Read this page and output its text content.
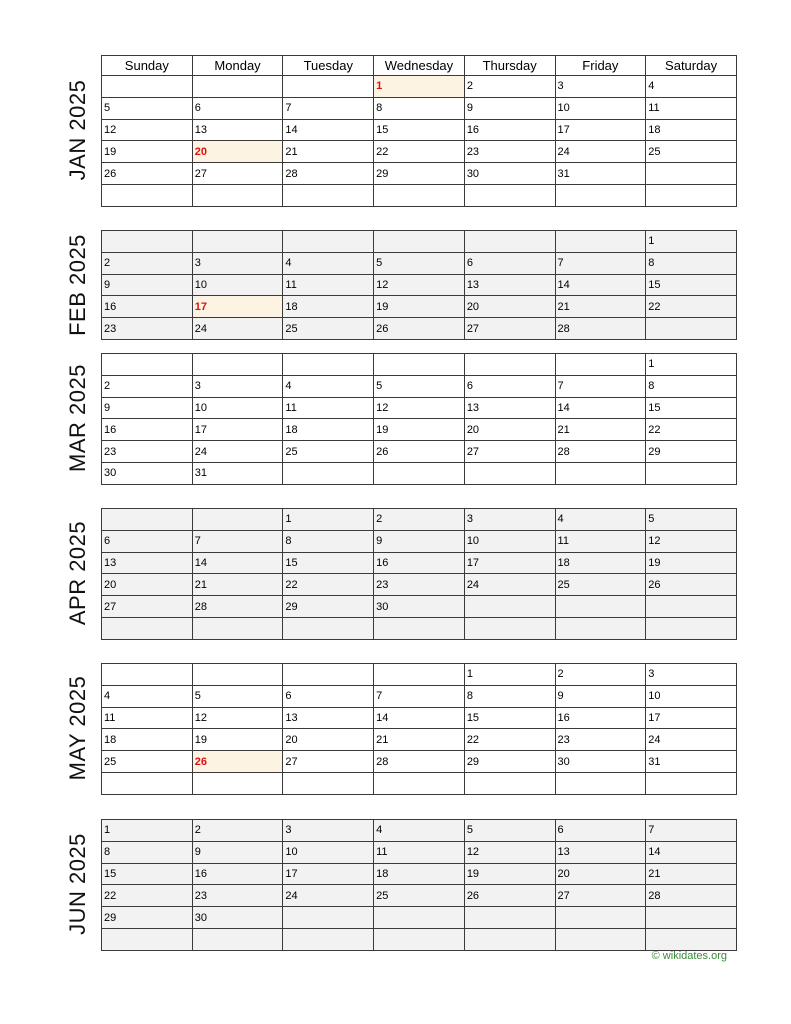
JAN 2025
Sunday	Monday	Tuesday	Wednesday	Thursday	Friday	Saturday
			1	2	3	4
5	6	7	8	9	10	11
12	13	14	15	16	17	18
19	20	21	22	23	24	25
26	27	28	29	30	31	

FEB 2025
							1
2	3	4	5	6	7	8
9	10	11	12	13	14	15
16	17	18	19	20	21	22
23	24	25	26	27	28	
MAR 2025
						1
2	3	4	5	6	7	8
9	10	11	12	13	14	15
16	17	18	19	20	21	22
23	24	25	26	27	28	29
30	31					
APR 2025
		1	2	3	4	5
6	7	8	9	10	11	12
13	14	15	16	17	18	19
20	21	22	23	24	25	26
27	28	29	30			

MAY 2025
				1	2	3
4	5	6	7	8	9	10
11	12	13	14	15	16	17
18	19	20	21	22	23	24
25	26	27	28	29	30	31

JUN 2025
1	2	3	4	5	6	7
8	9	10	11	12	13	14
15	16	17	18	19	20	21
22	23	24	25	26	27	28
29	30					

© wikidates.org
